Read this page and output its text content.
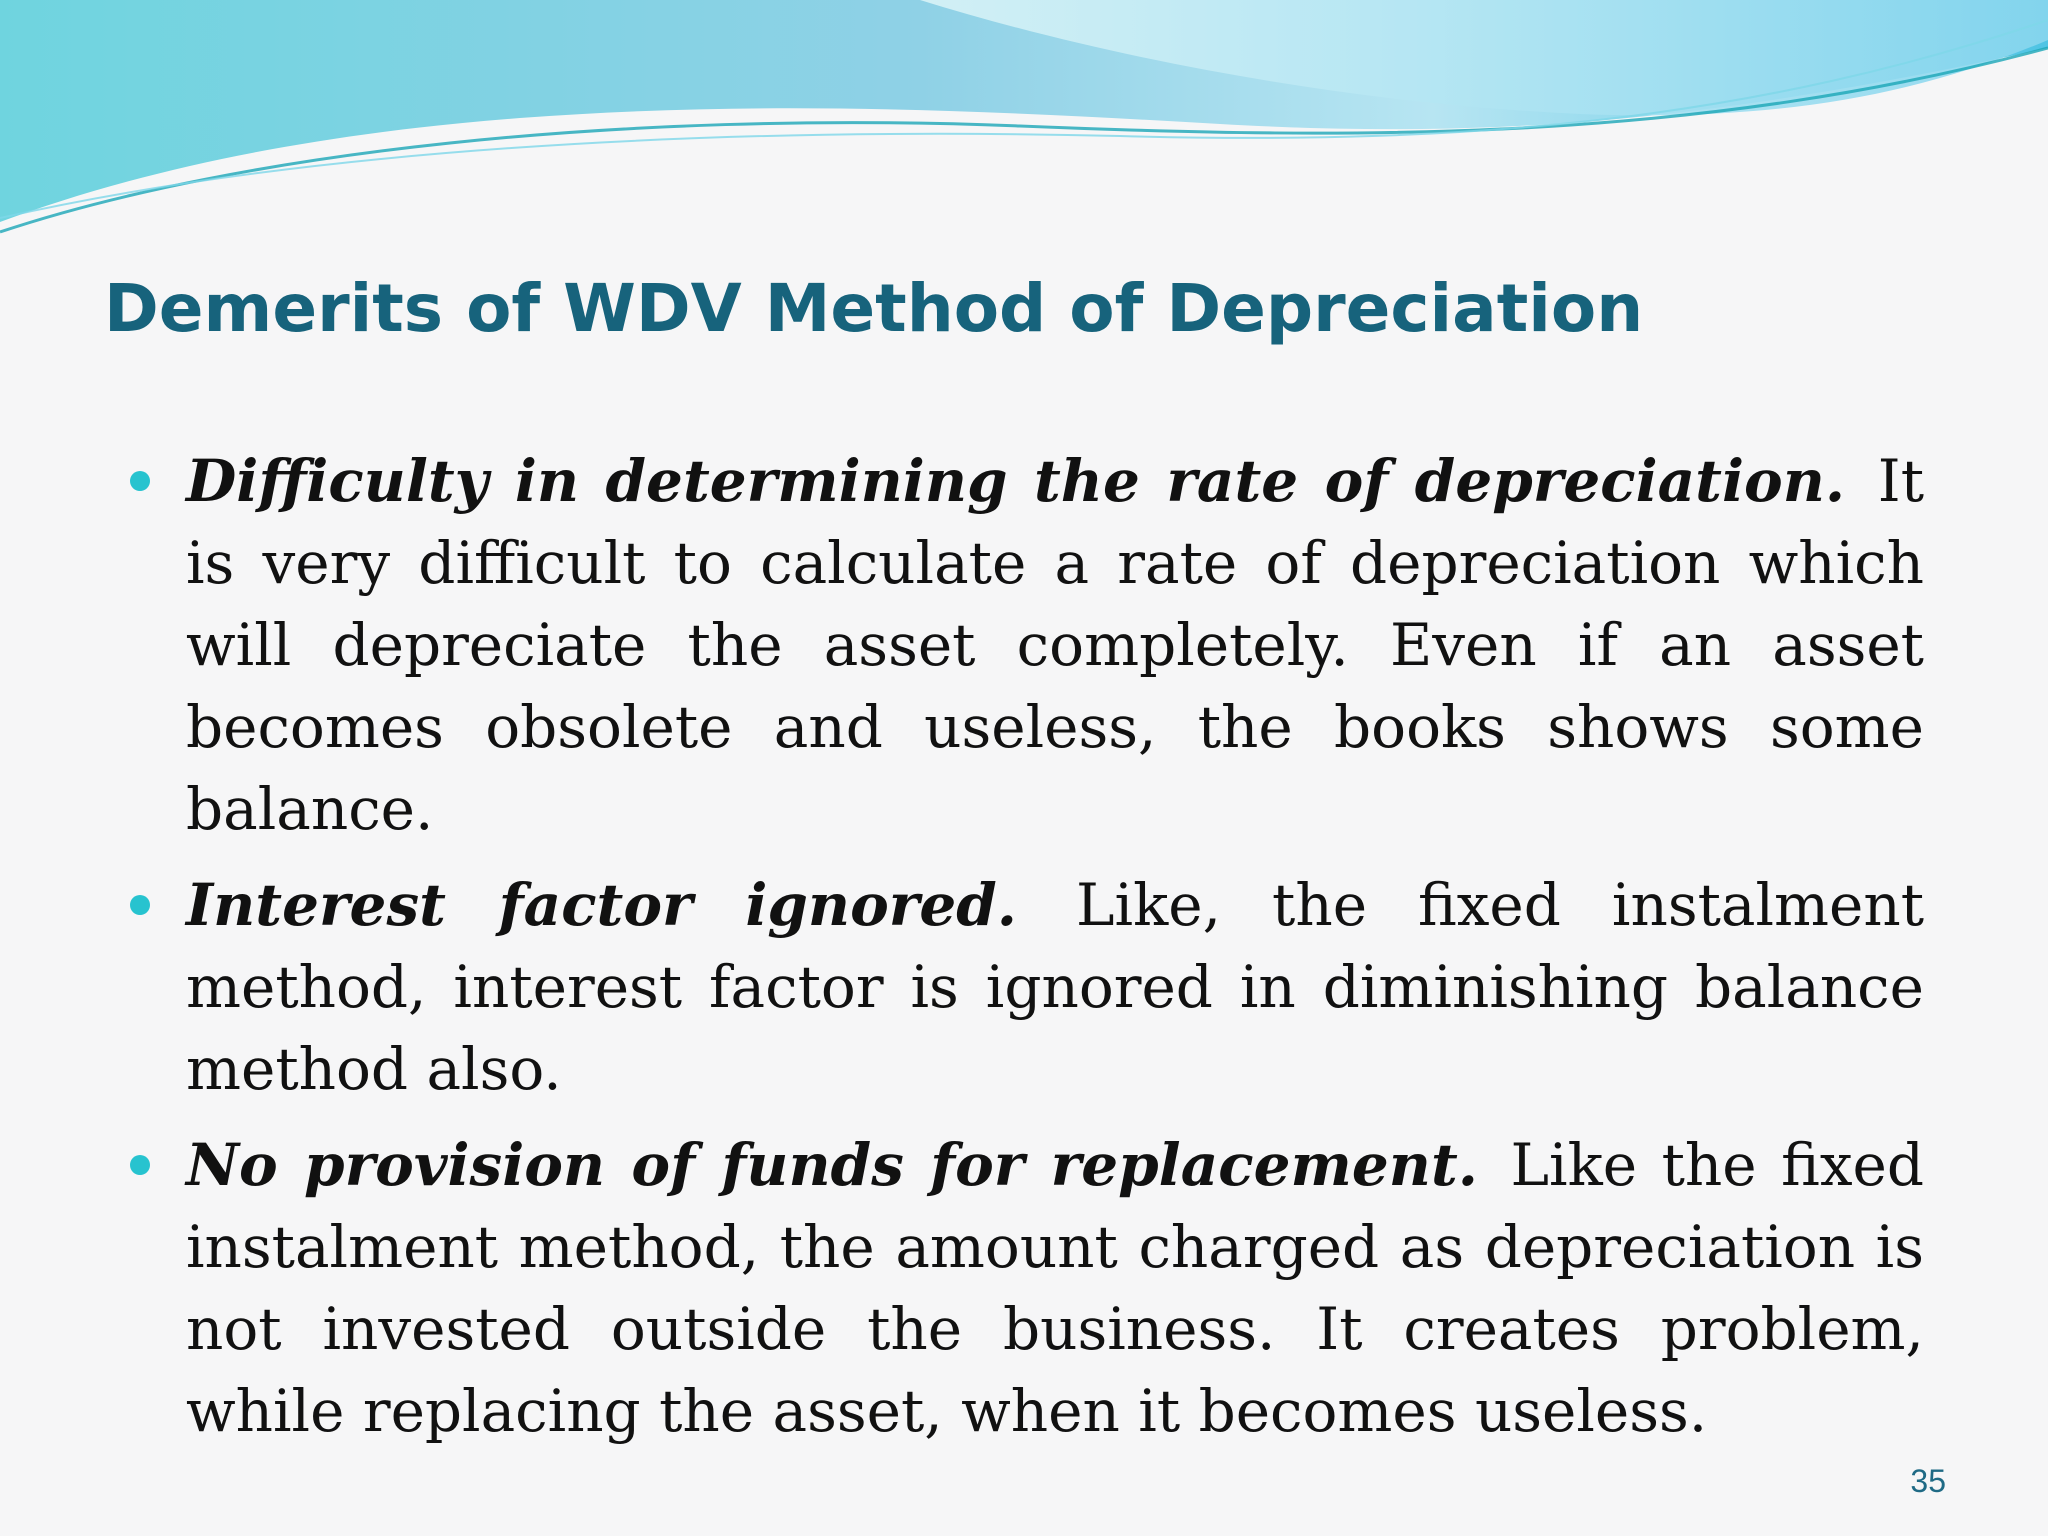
Demerits of WDV Method of Depreciation
Difficulty in determining the rate of depreciation. It is very difficult to calculate a rate of depreciation which will depreciate the asset completely. Even if an asset becomes obsolete and useless, the books shows some balance.
Interest factor ignored. Like, the fixed instalment method, interest factor is ignored in diminishing balance method also.
No provision of funds for replacement. Like the fixed instalment method, the amount charged as depreciation is not invested outside the business. It creates problem, while replacing the asset, when it becomes useless.
35
